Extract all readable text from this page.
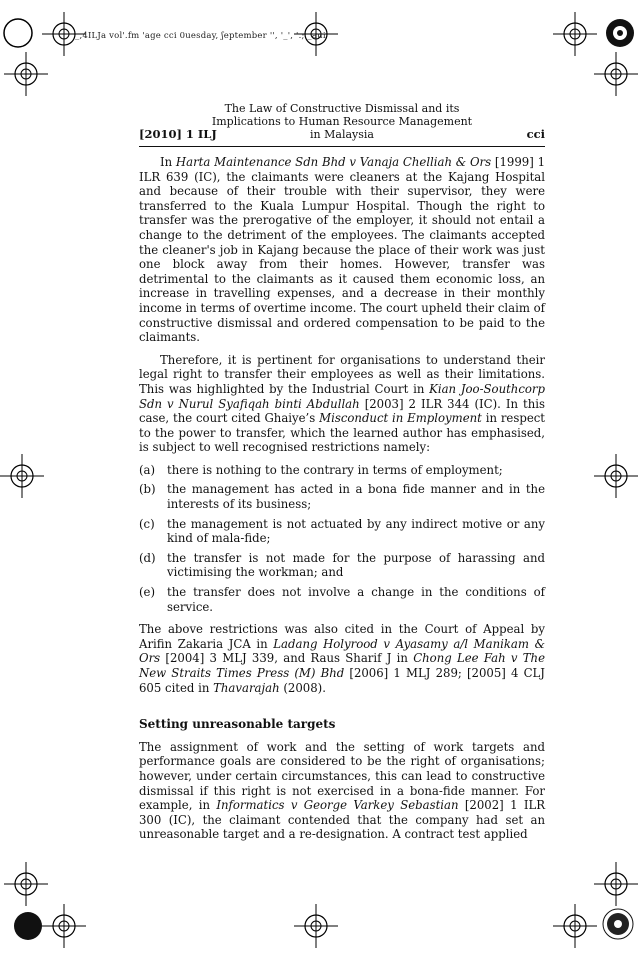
_,4ILJa vol'.fm 'age cci 0uesday, ʃeptember '', '_', '.; _aui
[2010] 1 ILJ
The Law of Constructive Dismissal and its
Implications to Human Resource Management
in Malaysia	cci

In Harta Maintenance Sdn Bhd v Vanaja Chelliah & Ors [1999] 1 ILR 639 (IC), the claimants were cleaners at the Kajang Hospital and because of their trouble with their supervisor, they were transferred to the Kuala Lumpur Hospital. Though the right to transfer was the prerogative of the employer, it should not entail a change to the detriment of the employees. The claimants accepted the cleaner's job in Kajang because the place of their work was just one block away from their homes. However, transfer was detrimental to the claimants as it caused them economic loss, an increase in travelling expenses, and a decrease in their monthly income in terms of overtime income. The court upheld their claim of constructive dismissal and ordered compensation to be paid to the claimants.

Therefore, it is pertinent for organisations to understand their legal right to transfer their employees as well as their limitations. This was highlighted by the Industrial Court in Kian Joo-Southcorp Sdn v Nurul Syafiqah binti Abdullah [2003] 2 ILR 344 (IC). In this case, the court cited Ghaiye’s Misconduct in Employment in respect to the power to transfer, which the learned author has emphasised, is subject to well recognised restrictions namely:

(a) there is nothing to the contrary in terms of employment;
(b) the management has acted in a bona fide manner and in the interests of its business;
(c) the management is not actuated by any indirect motive or any kind of mala-fide;
(d) the transfer is not made for the purpose of harassing and victimising the workman; and
(e) the transfer does not involve a change in the conditions of service.

The above restrictions was also cited in the Court of Appeal by Arifin Zakaria JCA in Ladang Holyrood v Ayasamy a/l Manikam & Ors [2004] 3 MLJ 339, and Raus Sharif J in Chong Lee Fah v The New Straits Times Press (M) Bhd [2006] 1 MLJ 289; [2005] 4 CLJ 605 cited in Thavarajah (2008).

Setting unreasonable targets

The assignment of work and the setting of work targets and performance goals are considered to be the right of organisations; however, under certain circumstances, this can lead to constructive dismissal if this right is not exercised in a bona-fide manner. For example, in Informatics v George Varkey Sebastian [2002] 1 ILR 300 (IC), the claimant contended that the company had set an unreasonable target and a re-designation. A contract test applied
